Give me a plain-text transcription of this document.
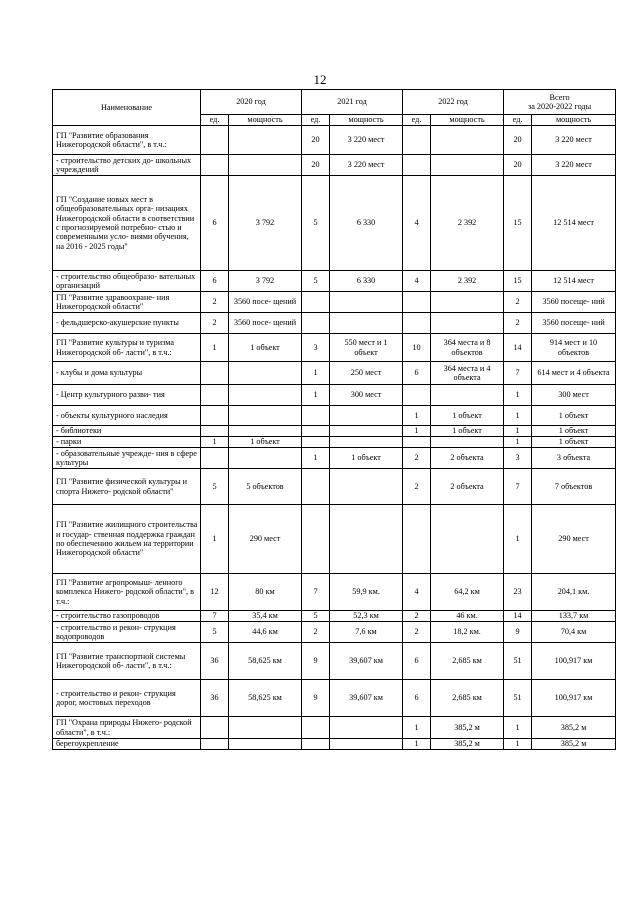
12
Наименование	2020 год		2021 год		2022 год		Всего
за 2020-2022 годы	
	ед.	мощность	ед.	мощность	ед.	мощность	ед.	мощность
ГП "Развитие образования Нижегородской области", в т.ч.:			20	3 220 мест			20	3 220 мест
- строительство детских до- школьных учреждений			20	3 220 мест			20	3 220 мест
ГП "Создание новых мест в общеобразовательных орга- низациях Нижегородской области в соответствии с прогнозируемой потребно- стью и современными усло- виями обучения, на 2016 - 2025 годы"	6	3 792	5	6 330	4	2 392	15	12 514 мест
- строительство общеобразо- вательных организаций	6	3 792	5	6 330	4	2 392	15	12 514 мест
ГП "Развитие здравоохране- ния Нижегородской области"	2	3560 посе- щений					2	3560 посеще- ний
- фельдшерско-акушерские пункты	2	3560 посе- щений					2	3560 посеще- ний
ГП "Развитие культуры и туризма Нижегородской об- ласти", в т.ч.:	1	1 объект	3	550 мест и 1 объект	10	364 места и 8 объектов	14	914 мест и 10 объектов
- клубы и дома культуры			1	250 мест	6	364 места и 4 объекта	7	614 мест и 4 объекта
- Центр культурного разви- тия			1	300 мест			1	300 мест
- объекты культурного наследия					1	1 объект	1	1 объект
- библиотеки					1	1 объект	1	1 объект
- парки	1	1 объект					1	1 объект
- образовательные учрежде- ния в сфере культуры			1	1 объект	2	2 объекта	3	3 объекта
ГП "Развитие физической культуры и спорта Нижего- родской области"	5	5 объектов			2	2 объекта	7	7 объектов
ГП "Развитие жилищного строительства и государ- ственная поддержка граждан по обеспечению жильем на территории Нижегородской области"	1	290 мест					1	290 мест
ГП "Развитие агропромыш- ленного комплекса Нижего- родской области", в т.ч.:	12	80 км	7	59,9 км.	4	64,2 км	23	204,1 км.
- строительство газопроводов	7	35,4 км	5	52,3 км	2	46 км.	14	133,7 км
- строительство и рекон- струкция водопроводов	5	44,6 км	2	7,6 км	2	18,2 км.	9	70,4 км
ГП "Развитие транспортной системы Нижегородской об- ласти", в т.ч.:	36	58,625 км	9	39,607 км	6	2,685 км	51	100,917 км
- строительство и рекон- струкция дорог, мостовых переходов	36	58,625 км	9	39,607 км	6	2,685 км	51	100,917 км
ГП "Охрана природы Нижего- родской области", в т.ч.:					1	385,2 м	1	385,2 м
берегоукрепление					1	385,2 м	1	385,2 м
